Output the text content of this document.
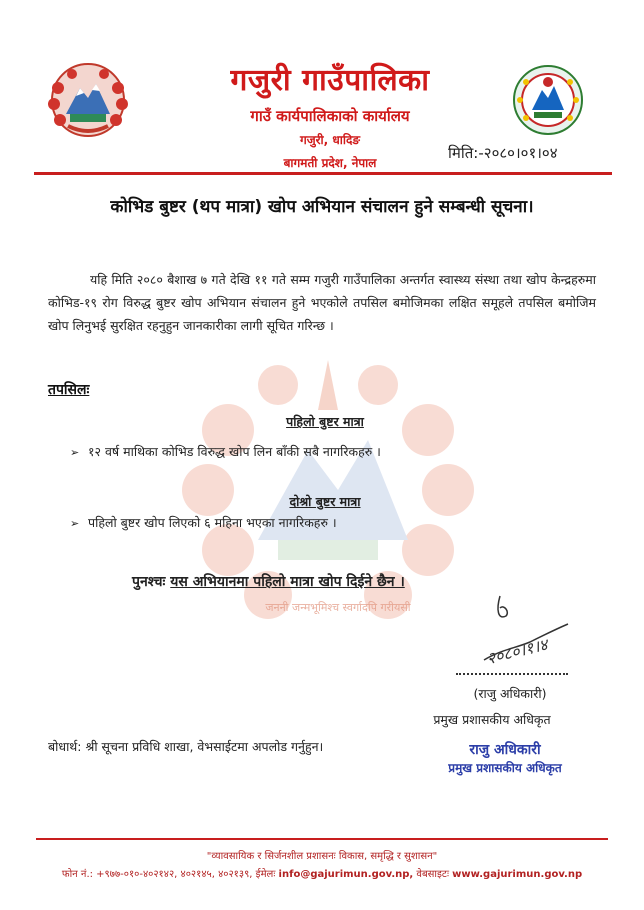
गजुरी गाउँपालिका
गाउँ कार्यपालिकाको कार्यालय
गजुरी, धादिङ
बागमती प्रदेश, नेपाल
मिति:-२०८०।०१।०४
जननी जन्मभूमिश्च स्वर्गादपि गरीयसी
कोभिड बुष्टर (थप मात्रा) खोप अभियान संचालन हुने सम्बन्धी सूचना।
यहि मिति २०८० बैशाख ७ गते देखि ११ गते सम्म गजुरी गाउँपालिका अन्तर्गत स्वास्थ्य संस्था तथा खोप केन्द्रहरुमा कोभिड-१९ रोग विरुद्ध बुष्टर खोप अभियान संचालन हुने भएकोले तपसिल बमोजिमका लक्षित समूहले तपसिल बमोजिम खोप लिनुभई सुरक्षित रहनुहुन जानकारीका लागी सूचित गरिन्छ ।
तपसिलः
पहिलो बुष्टर मात्रा
➢ १२ वर्ष माथिका कोभिड विरुद्ध खोप लिन बाँकी सबै नागरिकहरु ।
दोश्रो बुष्टर मात्रा
➢ पहिलो बुष्टर खोप लिएको ६ महिना भएका नागरिकहरु ।
पुनश्चः यस अभियानमा पहिलो मात्रा खोप दिईने छैन ।
२०८०।१।४
(राजु अधिकारी)
प्रमुख प्रशासकीय अधिकृत
राजु अधिकारी
प्रमुख प्रशासकीय अधिकृत
बोधार्थ: श्री सूचना प्रविधि शाखा, वेभसाईटमा अपलोड गर्नुहुन।
"व्यावसायिक र सिर्जनशील प्रशासनः विकास, समृद्धि र सुशासन"
फोन नं.: +९७७-०१०-४०२१४२, ४०२१४५, ४०२१३९, ईमेलः info@gajurimun.gov.np, वेबसाइटः www.gajurimun.gov.np
